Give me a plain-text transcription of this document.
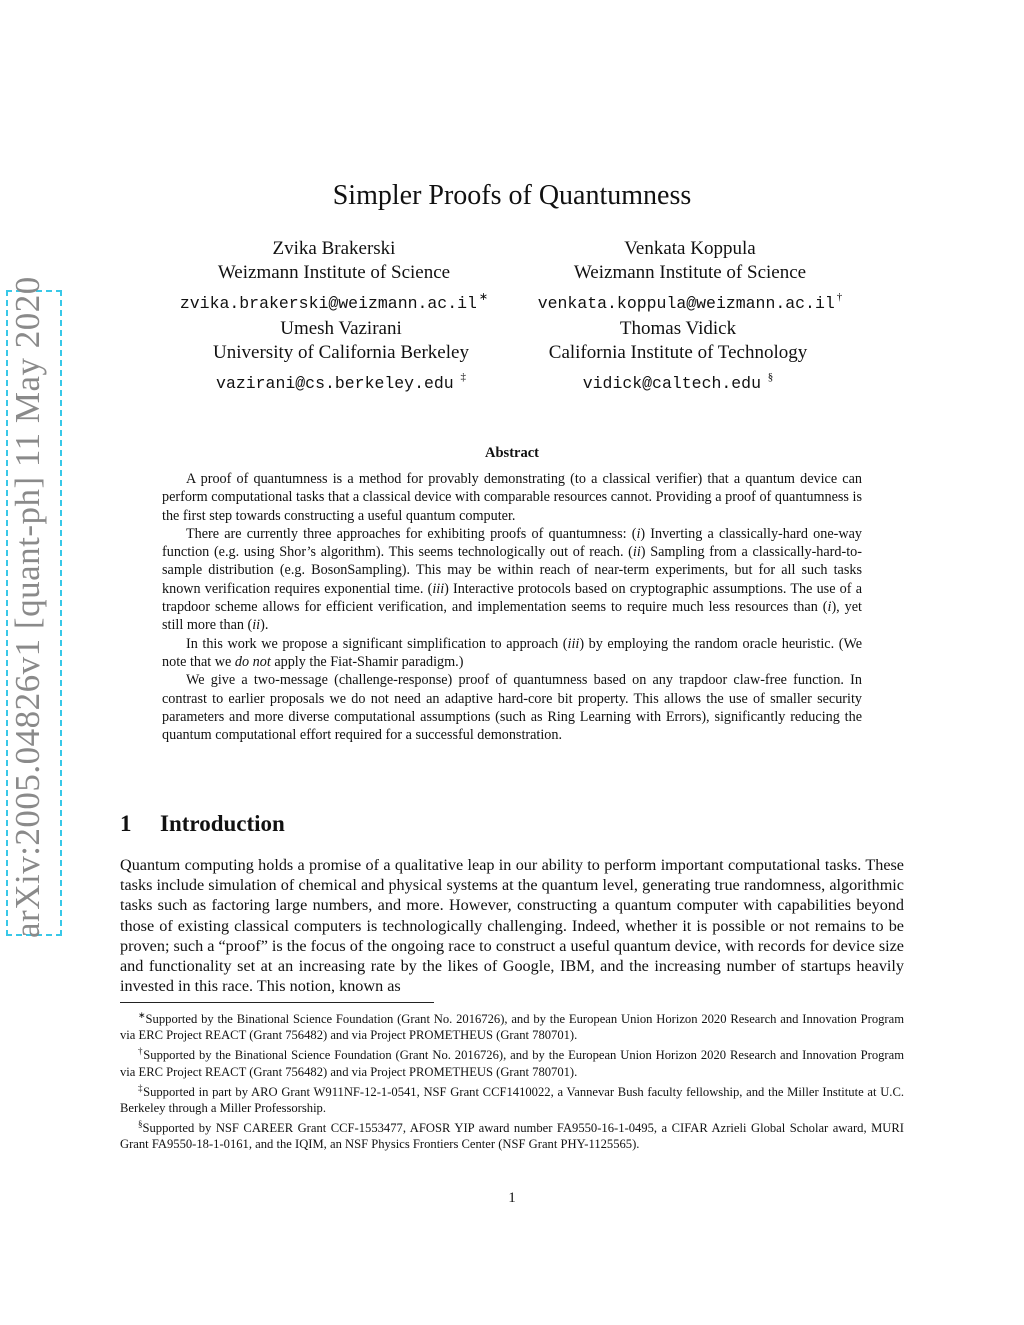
arXiv:2005.04826v1 [quant-ph] 11 May 2020
Simpler Proofs of Quantumness
Zvika Brakerski
Weizmann Institute of Science
zvika.brakerski@weizmann.ac.il ∗
Venkata Koppula
Weizmann Institute of Science
venkata.koppula@weizmann.ac.il †
Umesh Vazirani
University of California Berkeley
vazirani@cs.berkeley.edu ‡
Thomas Vidick
California Institute of Technology
vidick@caltech.edu §
Abstract

A proof of quantumness is a method for provably demonstrating (to a classical verifier) that a quantum device can perform computational tasks that a classical device with comparable resources cannot. Providing a proof of quantumness is the first step towards constructing a useful quantum computer.

There are currently three approaches for exhibiting proofs of quantumness: (i) Inverting a classically-hard one-way function (e.g. using Shor’s algorithm). This seems technologically out of reach. (ii) Sampling from a classically-hard-to-sample distribution (e.g. BosonSampling). This may be within reach of near-term experiments, but for all such tasks known verification requires exponential time. (iii) Interactive protocols based on cryptographic assumptions. The use of a trapdoor scheme allows for efficient verification, and implementation seems to require much less resources than (i), yet still more than (ii).

In this work we propose a significant simplification to approach (iii) by employing the random oracle heuristic. (We note that we do not apply the Fiat-Shamir paradigm.)

We give a two-message (challenge-response) proof of quantumness based on any trapdoor claw-free function. In contrast to earlier proposals we do not need an adaptive hard-core bit property. This allows the use of smaller security parameters and more diverse computational assumptions (such as Ring Learning with Errors), significantly reducing the quantum computational effort required for a successful demonstration.

1 Introduction

Quantum computing holds a promise of a qualitative leap in our ability to perform important computational tasks. These tasks include simulation of chemical and physical systems at the quantum level, generating true randomness, algorithmic tasks such as factoring large numbers, and more. However, constructing a quantum computer with capabilities beyond those of existing classical computers is technologically challenging. Indeed, whether it is possible or not remains to be proven; such a “proof” is the focus of the ongoing race to construct a useful quantum device, with records for device size and functionality set at an increasing rate by the likes of Google, IBM, and the increasing number of startups heavily invested in this race. This notion, known as

∗Supported by the Binational Science Foundation (Grant No. 2016726), and by the European Union Horizon 2020 Research and Innovation Program via ERC Project REACT (Grant 756482) and via Project PROMETHEUS (Grant 780701).

†Supported by the Binational Science Foundation (Grant No. 2016726), and by the European Union Horizon 2020 Research and Innovation Program via ERC Project REACT (Grant 756482) and via Project PROMETHEUS (Grant 780701).

‡Supported in part by ARO Grant W911NF-12-1-0541, NSF Grant CCF1410022, a Vannevar Bush faculty fellowship, and the Miller Institute at U.C. Berkeley through a Miller Professorship.

§Supported by NSF CAREER Grant CCF-1553477, AFOSR YIP award number FA9550-16-1-0495, a CIFAR Azrieli Global Scholar award, MURI Grant FA9550-18-1-0161, and the IQIM, an NSF Physics Frontiers Center (NSF Grant PHY-1125565).

1
